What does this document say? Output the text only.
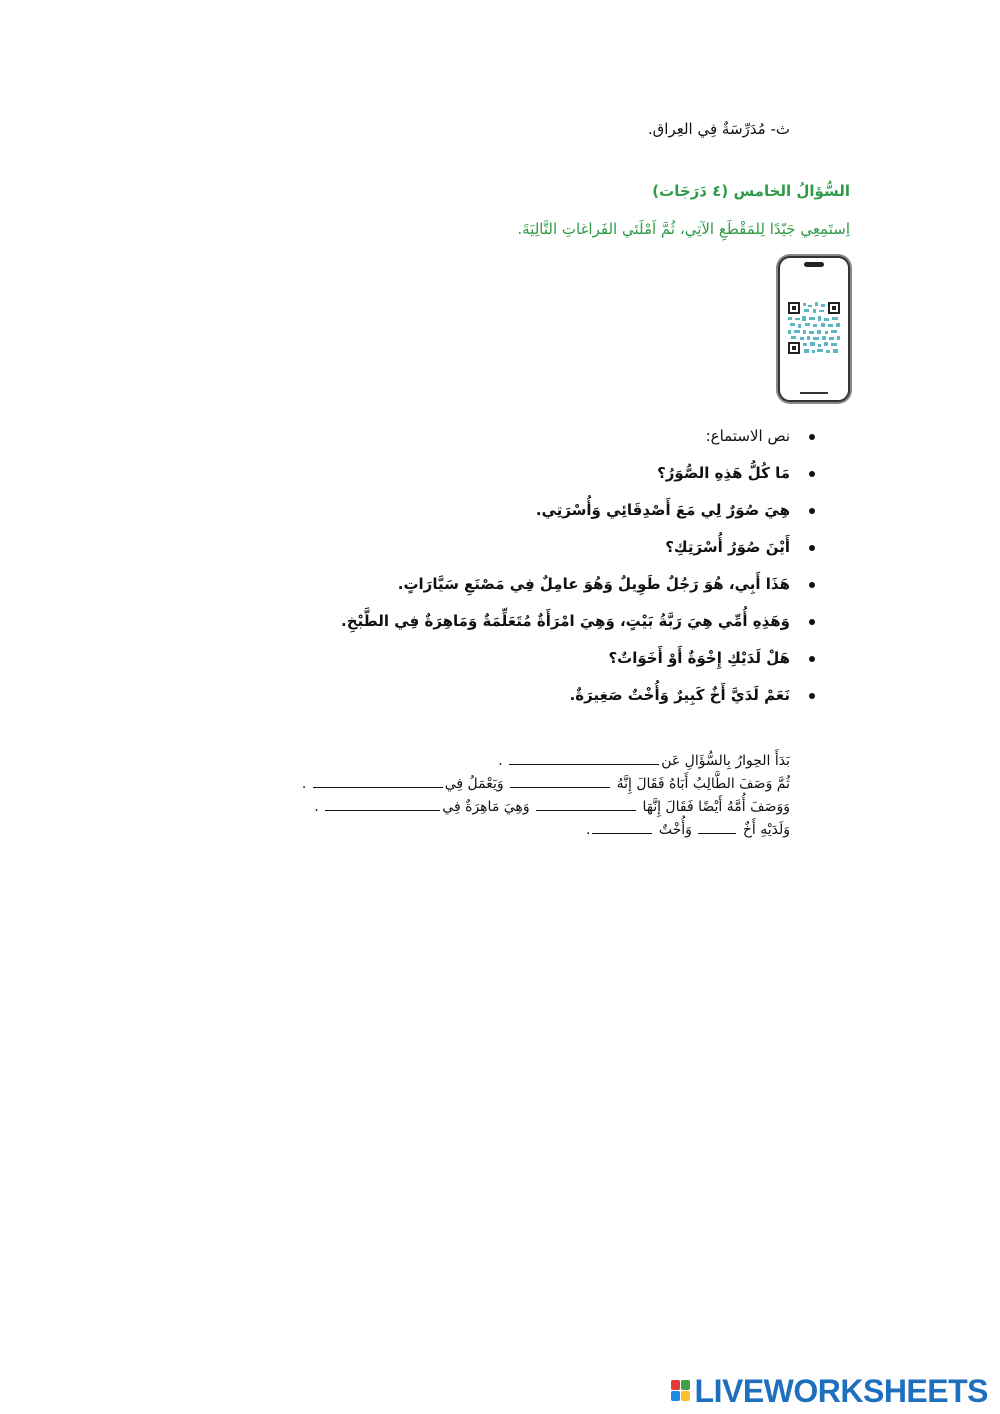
ث- مُدَرِّسَةٌ فِي العِراق.
السُّؤالُ الخامس (٤ دَرَجَات)
اِستَمِعِي جَيّدًا لِلمَقْطَعِ الآتِي، ثُمَّ اَمْلَئي الفَراغاتِ التَّالِيَةَ.
نص الاستماع:
مَا كُلُّ هَذِهِ الصُّوَرُ؟
هِيَ صُوَرٌ لِي مَعَ أَصْدِقَائِي وَأُسْرَتِي.
أَيْنَ صُوَرُ أُسْرَتِكِ؟
هَذَا أَبِي، هُوَ رَجُلٌ طَوِيلٌ وَهُوَ عامِلٌ فِي مَصْنَعِ سَيَّارَاتٍ.
وَهَذِهِ أُمِّي هِيَ رَبَّةُ بَيْتٍ، وَهِيَ امْرَأَةٌ مُتَعَلِّمَةٌ وَمَاهِرَةٌ فِي الطَّبْخِ.
هَلْ لَدَيْكِ إِخْوَةٌ أَوْ أَخَوَاتٌ؟
نَعَمْ لَدَيَّ أَخٌ كَبِيرٌ وَأُخْتٌ صَغِيرَةٌ.
بَدَأَ الحِوارُ بِالسُّؤَالِ عَن .
ثُمَّ وَصَفَ الطَّالِبُ أَبَاهُ فَقَالَ إِنَّهُ  وَيَعْمَلُ فِي .
وَوَصَفَ أُمَّهُ أَيْضًا فَقَالَ إِنَّهَا  وَهِيَ مَاهِرَةٌ فِي .
وَلَدَيْهِ أَخٌ  وَأُخْتٌ .
LIVEWORKSHEETS
